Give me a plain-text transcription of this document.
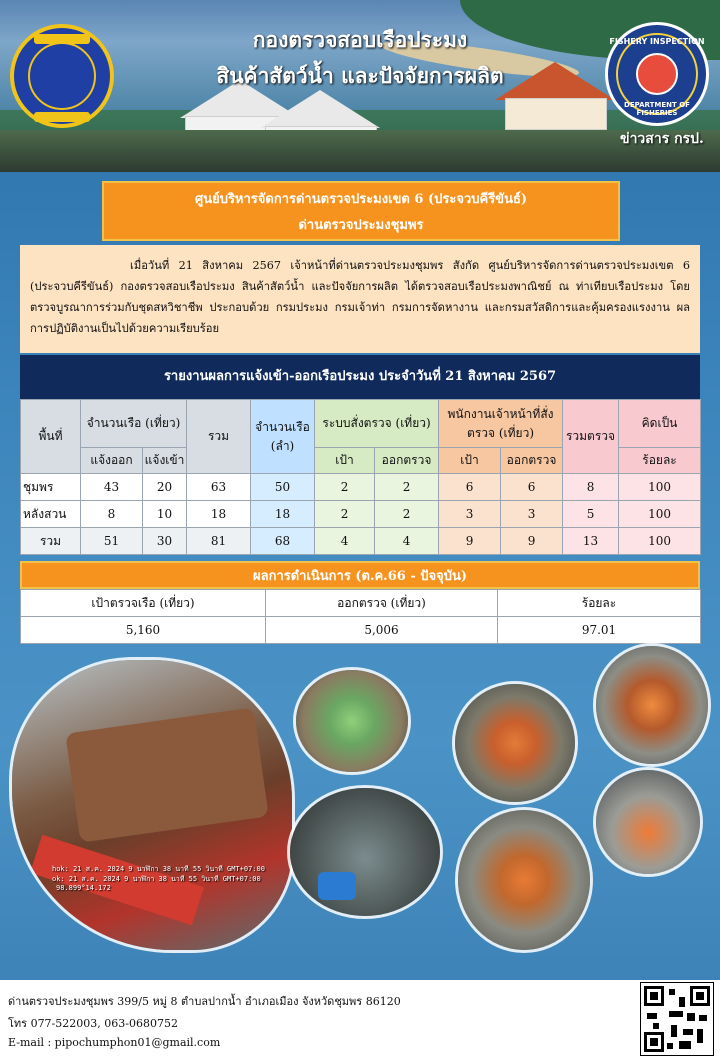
กองตรวจสอบเรือประมง
สินค้าสัตว์น้ำ และปัจจัยการผลิต
FISHERY INSPECTION
DEPARTMENT OF FISHERIES
ข่าวสาร กรป.
ศูนย์บริหารจัดการด่านตรวจประมงเขต 6 (ประจวบคีรีขันธ์)
ด่านตรวจประมงชุมพร

เมื่อวันที่ 21 สิงหาคม 2567 เจ้าหน้าที่ด่านตรวจประมงชุมพร สังกัด ศูนย์บริหารจัดการด่านตรวจประมงเขต 6 (ประจวบคีรีขันธ์) กองตรวจสอบเรือประมง สินค้าสัตว์น้ำ และปัจจัยการผลิต ได้ตรวจสอบเรือประมงพาณิชย์ ณ ท่าเทียบเรือประมง โดยตรวจบูรณาการร่วมกับชุดสหวิชาชีพ ประกอบด้วย กรมประมง กรมเจ้าท่า กรมการจัดหางาน และกรมสวัสดิการและคุ้มครองแรงงาน ผลการปฏิบัติงานเป็นไปด้วยความเรียบร้อย

รายงานผลการแจ้งเข้า-ออกเรือประมง ประจำวันที่ 21 สิงหาคม 2567
พื้นที่	จำนวนเรือ (เที่ยว)		รวม	จำนวนเรือ (ลำ)	ระบบสั่งตรวจ (เที่ยว)		พนักงานเจ้าหน้าที่สั่งตรวจ (เที่ยว)		รวมตรวจ	คิดเป็น
	แจ้งออก	แจ้งเข้า			เป้า	ออกตรวจ	เป้า	ออกตรวจ		ร้อยละ
ชุมพร	43	20	63	50	2	2	6	6	8	100
หลังสวน	8	10	18	18	2	2	3	3	5	100
รวม	51	30	81	68	4	4	9	9	13	100
ผลการดำเนินการ (ต.ค.66 - ปัจจุบัน)
เป้าตรวจเรือ (เที่ยว)	ออกตรวจ (เที่ยว)	ร้อยละ
5,160	5,006	97.01
hok: 21 ส.ค. 2024 9 นาฬิกา 38 นาที 55 วินาที GMT+07:00
ok: 21 ส.ค. 2024 9 นาฬิกา 38 นาที 55 วินาที GMT+07:00
98.899°14.172
ด่านตรวจประมงชุมพร 399/5 หมู่ 8 ตำบลปากน้ำ อำเภอเมือง จังหวัดชุมพร 86120
โทร 077-522003, 063-0680752
E-mail : pipochumphon01@gmail.com
